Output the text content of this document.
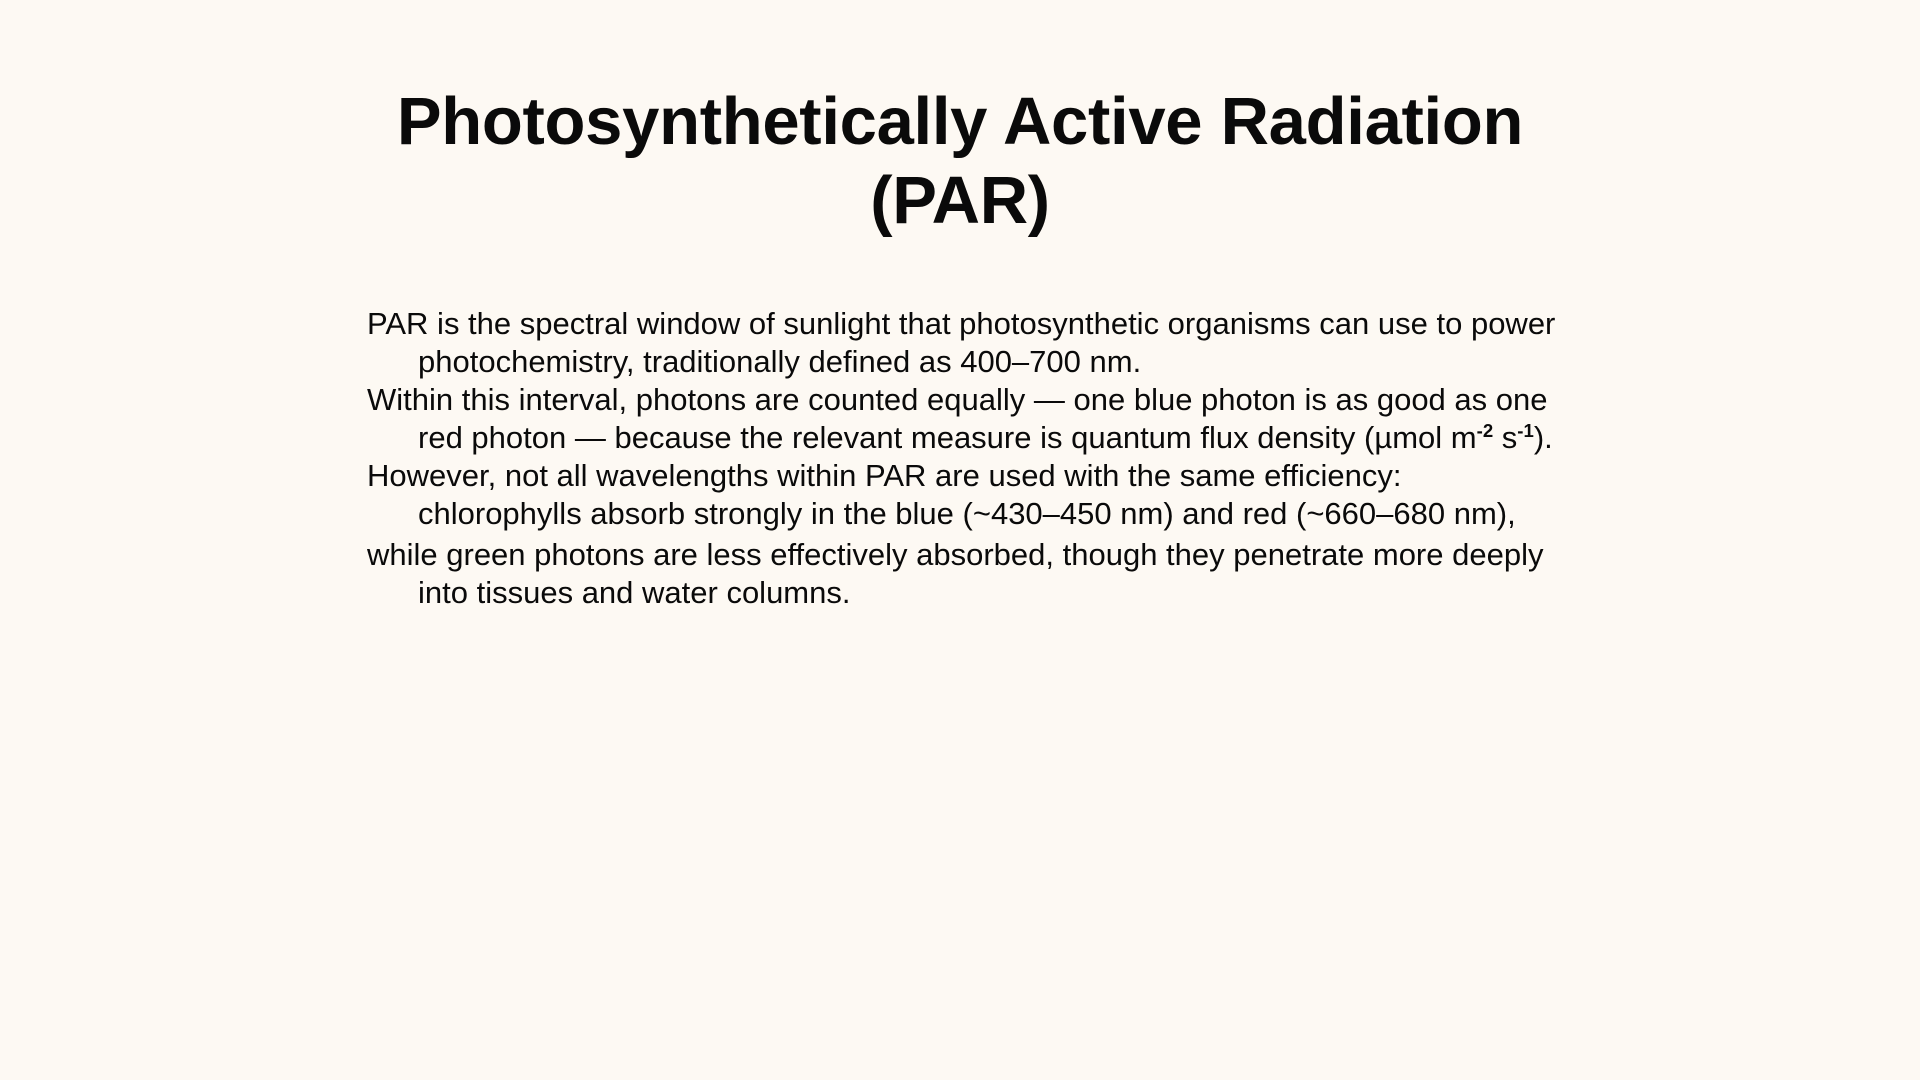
Photosynthetically Active Radiation
(PAR)

PAR is the spectral window of sunlight that photosynthetic organisms can use to power photochemistry, traditionally defined as 400–700 nm.

Within this interval, photons are counted equally — one blue photon is as good as one red photon — because the relevant measure is quantum flux density (µmol $m^{-2}$ $s^{-1}$).

However, not all wavelengths within PAR are used with the same efficiency: chlorophylls absorb strongly in the blue (~430–450 nm) and red (~660–680 nm),
while green photons are less effectively absorbed, though they penetrate more deeply into tissues and water columns.
